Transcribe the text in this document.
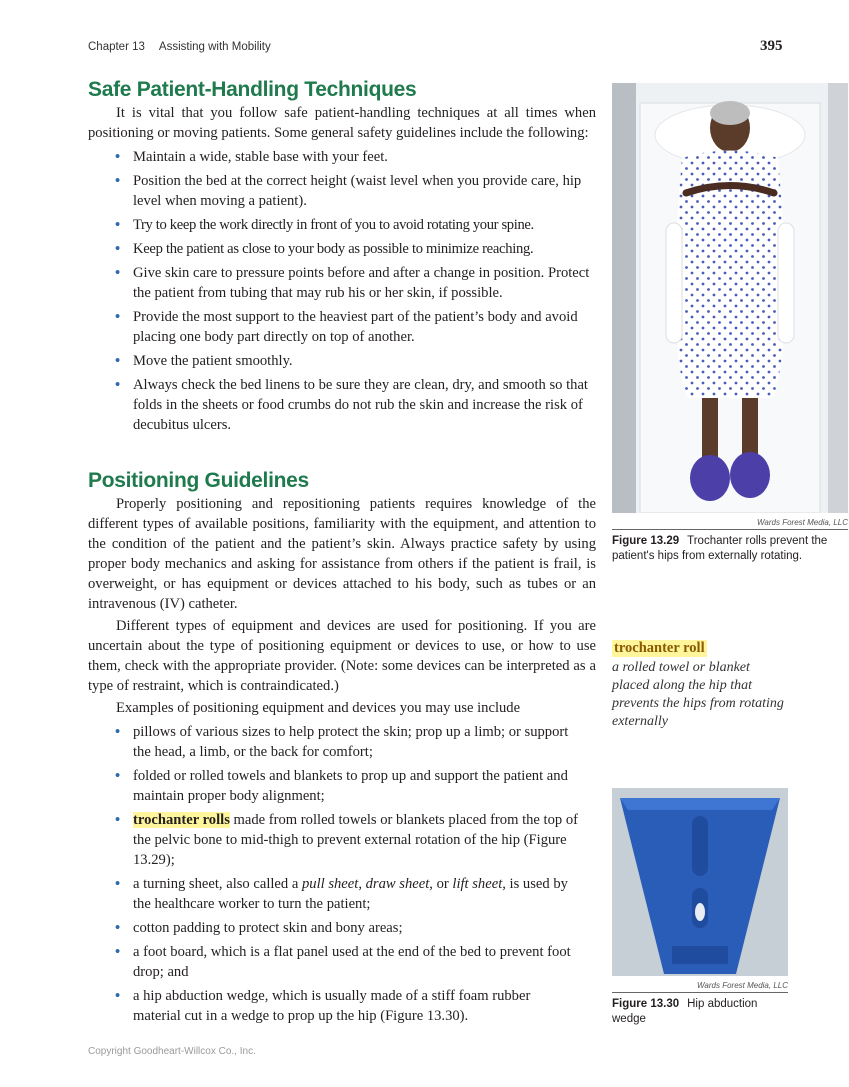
Chapter 13 Assisting with Mobility	395
Safe Patient-Handling Techniques

It is vital that you follow safe patient-handling techniques at all times when positioning or moving patients. Some general safety guidelines include the following:

• Maintain a wide, stable base with your feet.
• Position the bed at the correct height (waist level when you provide care, hip level when moving a patient).
• Try to keep the work directly in front of you to avoid rotating your spine.
• Keep the patient as close to your body as possible to minimize reaching.
• Give skin care to pressure points before and after a change in position. Protect the patient from tubing that may rub his or her skin, if possible.
• Provide the most support to the heaviest part of the patient’s body and avoid placing one body part directly on top of another.
• Move the patient smoothly.
• Always check the bed linens to be sure they are clean, dry, and smooth so that folds in the sheets or food crumbs do not rub the skin and increase the risk of decubitus ulcers.
Positioning Guidelines

Properly positioning and repositioning patients requires knowledge of the different types of available positions, familiarity with the equipment, and attention to the condition of the patient and the patient’s skin. Always practice safety by using proper body mechanics and asking for assistance from others if the patient is frail, is overweight, or has equipment or devices attached to his body, such as tubes or an intravenous (IV) catheter.

Different types of equipment and devices are used for positioning. If you are uncertain about the type of positioning equipment or devices to use, or how to use them, check with the appropriate provider. (Note: some devices can be interpreted as a type of restraint, which is contraindicated.)

Examples of positioning equipment and devices you may use include

• pillows of various sizes to help protect the skin; prop up a limb; or support the head, a limb, or the back for comfort;
• folded or rolled towels and blankets to prop up and support the patient and maintain proper body alignment;
• trochanter rolls made from rolled towels or blankets placed from the top of the pelvic bone to mid-thigh to prevent external rotation of the hip (Figure 13.29);
• a turning sheet, also called a pull sheet, draw sheet, or lift sheet, is used by the healthcare worker to turn the patient;
• cotton padding to protect skin and bony areas;
• a foot board, which is a flat panel used at the end of the bed to prevent foot drop; and
• a hip abduction wedge, which is usually made of a stiff foam rubber material cut in a wedge to prop up the hip (Figure 13.30).
Wards Forest Media, LLC
Figure 13.29 Trochanter rolls prevent the patient's hips from externally rotating.
trochanter roll
a rolled towel or blanket placed along the hip that prevents the hips from rotating externally
Wards Forest Media, LLC
Figure 13.30 Hip abduction wedge
Copyright Goodheart-Willcox Co., Inc.
